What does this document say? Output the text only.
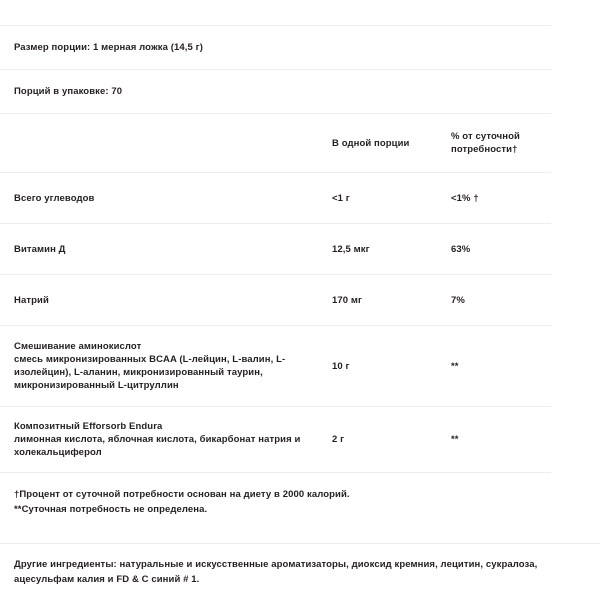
Размер порции: 1 мерная ложка (14,5 г)
Порций в упаковке: 70
В одной порции
% от суточной потребности†
Всего углеводов	<1 г	<1% †
Витамин Д	12,5 мкг	63%
Натрий	170 мг	7%
Смешивание аминокислот
смесь микронизированных BCAA (L-лейцин, L-валин, L-изолейцин), L-аланин, микронизированный таурин, микронизированный L-цитруллин
10 г	**
Композитный Efforsorb Endura
лимонная кислота, яблочная кислота, бикарбонат натрия и холекальциферол
2 г	**
†Процент от суточной потребности основан на диету в 2000 калорий.
**Суточная потребность не определена.
Другие ингредиенты: натуральные и искусственные ароматизаторы, диоксид кремния, лецитин, сукралоза, ацесульфам калия и FD & C синий # 1.
